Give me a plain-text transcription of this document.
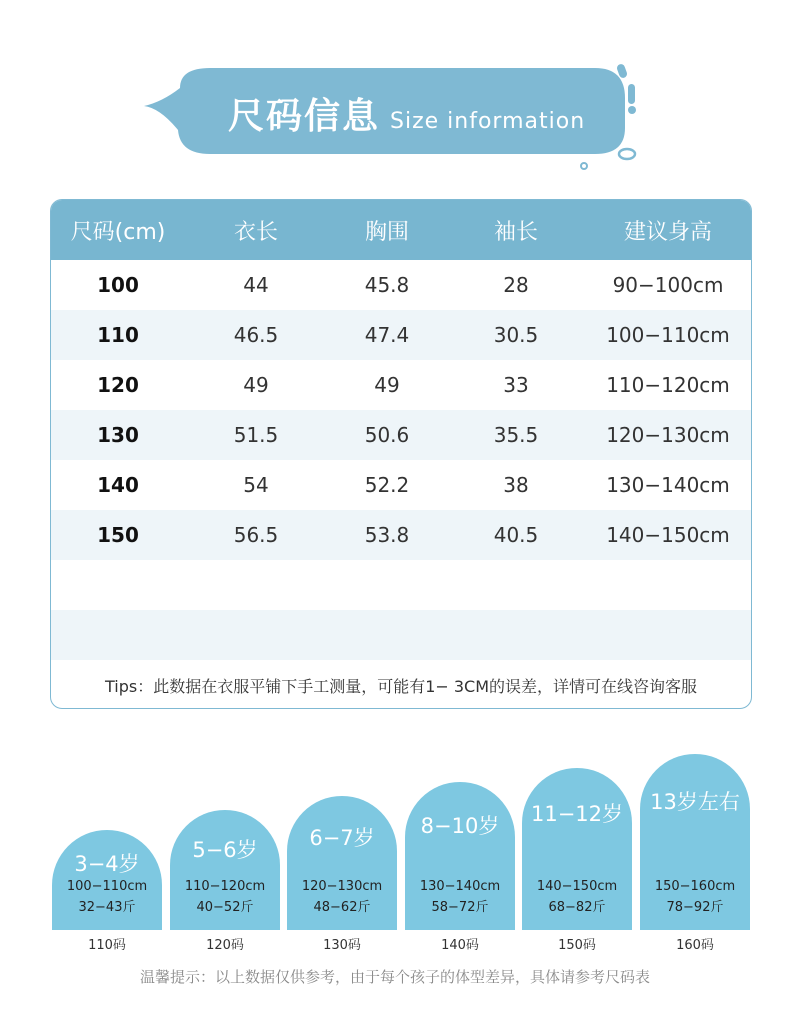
尺码信息 Size information
尺码(cm)	衣长	胸围	袖长	建议身高
100	44	45.8	28	90−100cm
110	46.5	47.4	30.5	100−110cm
120	49	49	33	110−120cm
130	51.5	50.6	35.5	120−130cm
140	54	52.2	38	130−140cm
150	56.5	53.8	40.5	140−150cm
Tips：此数据在衣服平铺下手工测量，可能有1− 3CM的误差，详情可在线咨询客服
3−4岁
100−110cm
32−43斤
5−6岁
110−120cm
40−52斤
6−7岁
120−130cm
48−62斤
8−10岁
130−140cm
58−72斤
11−12岁
140−150cm
68−82斤
13岁左右
150−160cm
78−92斤
110码	120码	130码	140码	150码	160码
温馨提示：以上数据仅供参考，由于每个孩子的体型差异，具体请参考尺码表
